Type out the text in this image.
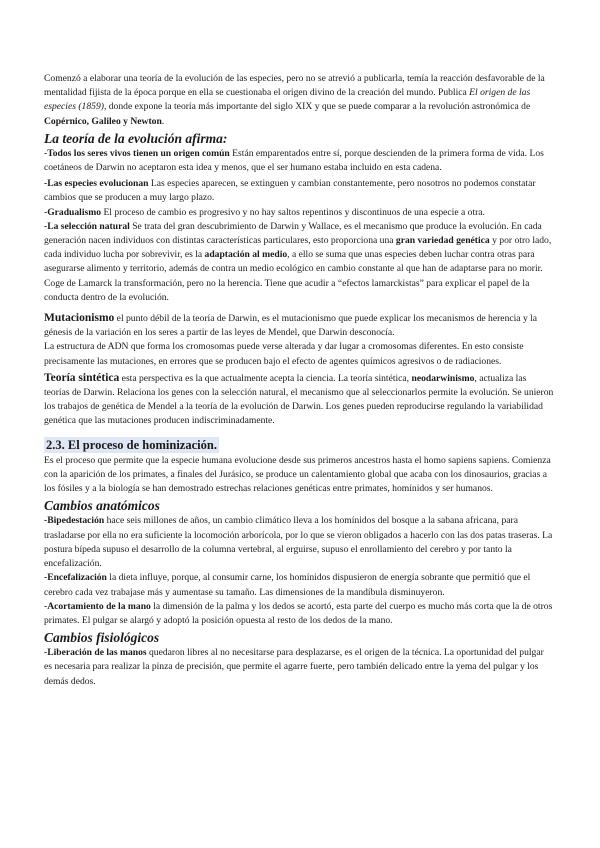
Comenzó a elaborar una teoría de la evolución de las especies, pero no se atrevió a publicarla, temía la reacción desfavorable de la mentalidad fijista de la época porque en ella se cuestionaba el origen divino de la creación del mundo. Publica El origen de las especies (1859), donde expone la teoría más importante del siglo XIX y que se puede comparar a la revolución astronómica de Copérnico, Galileo y Newton.

La teoría de la evolución afirma:

-Todos los seres vivos tienen un origen común Están emparentados entre sí, porque descienden de la primera forma de vida. Los coetáneos de Darwin no aceptaron esta idea y menos, que el ser humano estaba incluido en esta cadena.

-Las especies evolucionan Las especies aparecen, se extinguen y cambian constantemente, pero nosotros no podemos constatar cambios que se producen a muy largo plazo.

-Gradualismo El proceso de cambio es progresivo y no hay saltos repentinos y discontinuos de una especie a otra.

-La selección natural Se trata del gran descubrimiento de Darwin y Wallace, es el mecanismo que produce la evolución. En cada generación nacen individuos con distintas características particulares, esto proporciona una gran variedad genética y por otro lado, cada individuo lucha por sobrevivir, es la adaptación al medio, a ello se suma que unas especies deben luchar contra otras para asegurarse alimento y territorio, además de contra un medio ecológico en cambio constante al que han de adaptarse para no morir. Coge de Lamarck la transformación, pero no la herencia. Tiene que acudir a “efectos lamarckistas” para explicar el papel de la conducta dentro de la evolución.

Mutacionismo el punto débil de la teoría de Darwin, es el mutacionismo que puede explicar los mecanismos de herencia y la génesis de la variación en los seres a partir de las leyes de Mendel, que Darwin desconocía.

La estructura de ADN que forma los cromosomas puede verse alterada y dar lugar a cromosomas diferentes. En esto consiste precisamente las mutaciones, en errores que se producen bajo el efecto de agentes químicos agresivos o de radiaciones.

Teoría sintética esta perspectiva es la que actualmente acepta la ciencia. La teoría sintética, neodarwinismo, actualiza las teorías de Darwin. Relaciona los genes con la selección natural, el mecanismo que al seleccionarlos permite la evolución. Se unieron los trabajos de genética de Mendel a la teoría de la evolución de Darwin. Los genes pueden reproducirse regulando la variabilidad genética que las mutaciones producen indiscriminadamente.

2.3. El proceso de hominización.

Es el proceso que permite que la especie humana evolucione desde sus primeros ancestros hasta el homo sapiens sapiens. Comienza con la aparición de los primates, a finales del Jurásico, se produce un calentamiento global que acaba con los dinosaurios, gracias a los fósiles y a la biología se han demostrado estrechas relaciones genéticas entre primates, homínidos y ser humanos.

Cambios anatómicos

-Bipedestación hace seis millones de años, un cambio climático lleva a los homínidos del bosque a la sabana africana, para trasladarse por ella no era suficiente la locomoción arborícola, por lo que se vieron obligados a hacerlo con las dos patas traseras. La postura bípeda supuso el desarrollo de la columna vertebral, al erguirse, supuso el enrollamiento del cerebro y por tanto la encefalización.

-Encefalización la dieta influye, porque, al consumir carne, los homínidos dispusieron de energía sobrante que permitió que el cerebro cada vez trabajase más y aumentase su tamaño. Las dimensiones de la mandíbula disminuyeron.

-Acortamiento de la mano la dimensión de la palma y los dedos se acortó, esta parte del cuerpo es mucho más corta que la de otros primates. El pulgar se alargó y adoptó la posición opuesta al resto de los dedos de la mano.

Cambios fisiológicos

-Liberación de las manos quedaron libres al no necesitarse para desplazarse, es el origen de la técnica. La oportunidad del pulgar es necesaria para realizar la pinza de precisión, que permite el agarre fuerte, pero también delicado entre la yema del pulgar y los demás dedos.
